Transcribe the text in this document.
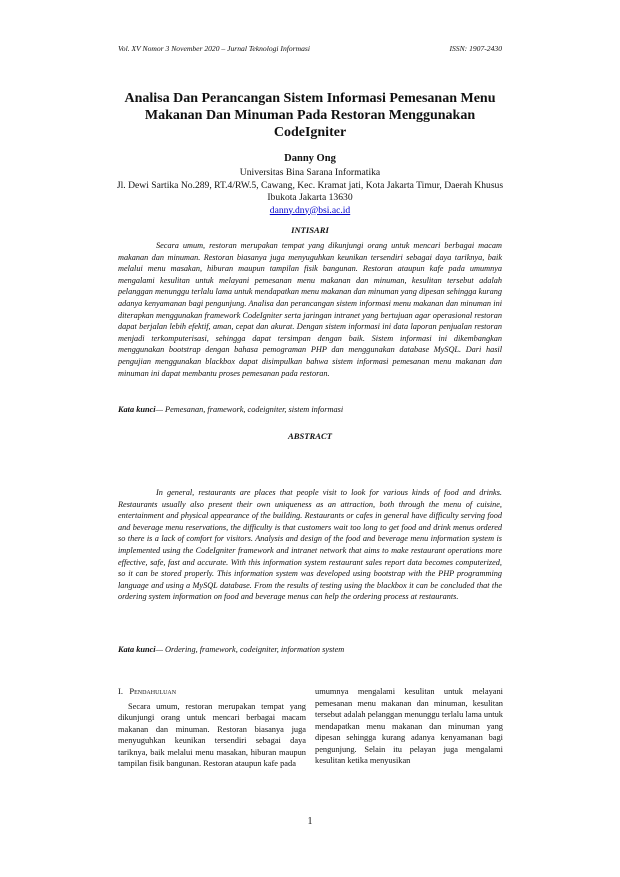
Vol. XV Nomor 3 November 2020 – Jurnal Teknologi Informasi	ISSN: 1907-2430
Analisa Dan Perancangan Sistem Informasi Pemesanan Menu Makanan Dan Minuman Pada Restoran Menggunakan CodeIgniter
Danny Ong
Universitas Bina Sarana Informatika
Jl. Dewi Sartika No.289, RT.4/RW.5, Cawang, Kec. Kramat jati, Kota Jakarta Timur, Daerah Khusus Ibukota Jakarta 13630
danny.dny@bsi.ac.id
INTISARI
Secara umum, restoran merupakan tempat yang dikunjungi orang untuk mencari berbagai macam makanan dan minuman. Restoran biasanya juga menyuguhkan keunikan tersendiri sebagai daya tariknya, baik melalui menu masakan, hiburan maupun tampilan fisik bangunan. Restoran ataupun kafe pada umumnya mengalami kesulitan untuk melayani pemesanan menu makanan dan minuman, kesulitan tersebut adalah pelanggan menunggu terlalu lama untuk mendapatkan menu makanan dan minuman yang dipesan sehingga kurang adanya kenyamanan bagi pengunjung. Analisa dan perancangan sistem informasi menu makanan dan minuman ini diterapkan menggunakan framework CodeIgniter serta jaringan intranet yang bertujuan agar operasional restoran dapat berjalan lebih efektif, aman, cepat dan akurat. Dengan sistem informasi ini data laporan penjualan restoran menjadi terkomputerisasi, sehingga dapat tersimpan dengan baik. Sistem informasi ini dikembangkan menggunakan bootstrap dengan bahasa pemograman PHP dan menggunakan database MySQL. Dari hasil pengujian menggunakan blackbox dapat disimpulkan bahwa sistem informasi pemesanan menu makanan dan minuman ini dapat membantu proses pemesanan pada restoran.
Kata kunci— Pemesanan, framework, codeigniter, sistem informasi
ABSTRACT
In general, restaurants are places that people visit to look for various kinds of food and drinks. Restaurants usually also present their own uniqueness as an attraction, both through the menu of cuisine, entertainment and physical appearance of the building. Restaurants or cafes in general have difficulty serving food and beverage menu reservations, the difficulty is that customers wait too long to get food and drink menus ordered so there is a lack of comfort for visitors. Analysis and design of the food and beverage menu information system is implemented using the CodeIgniter framework and intranet network that aims to make restaurant operations more effective, safe, fast and accurate. With this information system restaurant sales report data becomes computerized, so it can be stored properly. This information system was developed using bootstrap with the PHP programming language and using a MySQL database. From the results of testing using the blackbox it can be concluded that the ordering system information on food and beverage menus can help the ordering process at restaurants.
Kata kunci— Ordering, framework, codeigniter, information system
I. Pendahuluan
Secara umum, restoran merupakan tempat yang dikunjungi orang untuk mencari berbagai macam makanan dan minuman. Restoran biasanya juga menyuguhkan keunikan tersendiri sebagai daya tariknya, baik melalui menu masakan, hiburan maupun tampilan fisik bangunan. Restoran ataupun kafe pada
umumnya mengalami kesulitan untuk melayani pemesanan menu makanan dan minuman, kesulitan tersebut adalah pelanggan menunggu terlalu lama untuk mendapatkan menu makanan dan minuman yang dipesan sehingga kurang adanya kenyamanan bagi pengunjung. Selain itu pelayan juga mengalami kesulitan ketika menyusikan
1
